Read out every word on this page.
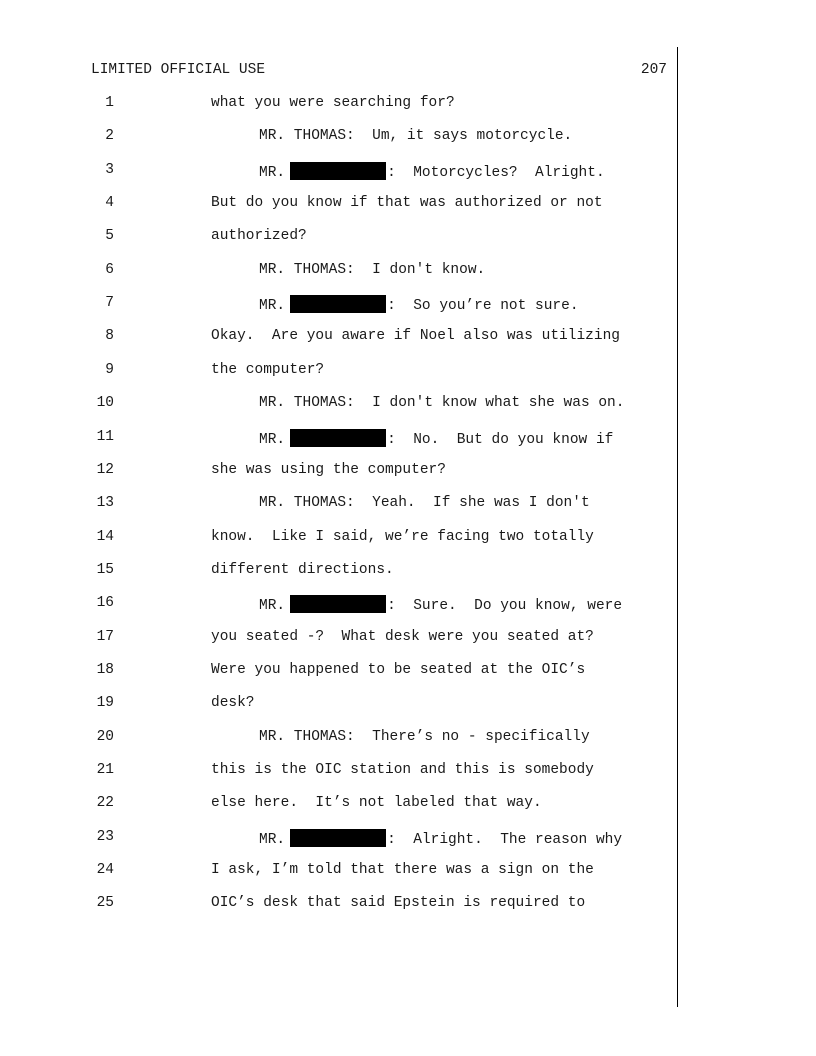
LIMITED OFFICIAL USE	207
1	what you were searching for?
2	MR. THOMAS:  Um, it says motorcycle.
3	MR.	:  Motorcycles?  Alright.
4	But do you know if that was authorized or not
5	authorized?
6	MR. THOMAS:  I don't know.
7	MR.	:  So you’re not sure.
8	Okay.  Are you aware if Noel also was utilizing
9	the computer?
10	MR. THOMAS:  I don't know what she was on.
11	MR.	:  No.  But do you know if
12	she was using the computer?
13	MR. THOMAS:  Yeah.  If she was I don't
14	know.  Like I said, we’re facing two totally
15	different directions.
16	MR.	:  Sure.  Do you know, were
17	you seated -?  What desk were you seated at?
18	Were you happened to be seated at the OIC’s
19	desk?
20	MR. THOMAS:  There’s no - specifically
21	this is the OIC station and this is somebody
22	else here.  It’s not labeled that way.
23	MR.	:  Alright.  The reason why
24	I ask, I’m told that there was a sign on the
25	OIC’s desk that said Epstein is required to
